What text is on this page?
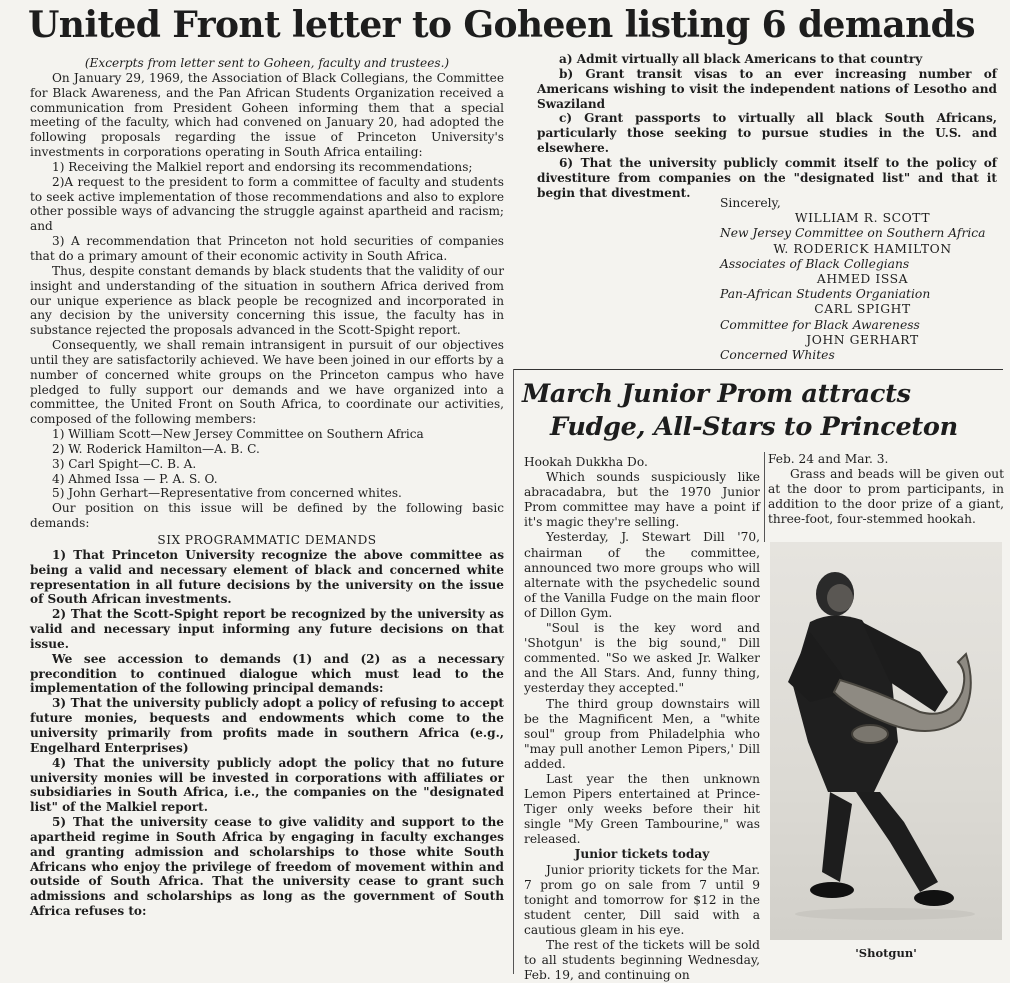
United Front letter to Goheen listing 6 demands

(Excerpts from letter sent to Goheen, faculty and trustees.)

On January 29, 1969, the Association of Black Collegians, the Committee for Black Awareness, and the Pan African Students Organization received a communication from President Goheen informing them that a special meeting of the faculty, which had convened on January 20, had adopted the following proposals regarding the issue of Princeton University's investments in corporations operating in South Africa entailing:

1) Receiving the Malkiel report and endorsing its recommendations;

2)A request to the president to form a committee of faculty and students to seek active implementation of those recommendations and also to explore other possible ways of advancing the struggle against apartheid and racism; and

3) A recommendation that Princeton not hold securities of companies that do a primary amount of their economic activity in South Africa.

Thus, despite constant demands by black students that the validity of our insight and understanding of the situation in southern Africa derived from our unique experience as black people be recognized and incorporated in any decision by the university concerning this issue, the faculty has in substance rejected the proposals advanced in the Scott-Spight report.

Consequently, we shall remain intransigent in pursuit of our objectives until they are satisfactorily achieved. We have been joined in our efforts by a number of concerned white groups on the Princeton campus who have pledged to fully support our demands and we have organized into a committee, the United Front on South Africa, to coordinate our activities, composed of the following members:

1) William Scott—New Jersey Committee on Southern Africa

2) W. Roderick Hamilton—A. B. C.

3) Carl Spight—C. B. A.

4) Ahmed Issa — P. A. S. O.

5) John Gerhart—Representative from concerned whites.

Our position on this issue will be defined by the following basic demands:

SIX PROGRAMMATIC DEMANDS

1) That Princeton University recognize the above committee as being a valid and necessary element of black and concerned white representation in all future decisions by the university on the issue of South African investments.

2) That the Scott-Spight report be recognized by the university as valid and necessary input informing any future decisions on that issue.

We see accession to demands (1) and (2) as a necessary precondition to continued dialogue which must lead to the implementation of the following principal demands:

3) That the university publicly adopt a policy of refusing to accept future monies, bequests and endowments which come to the university primarily from profits made in southern Africa (e.g., Engelhard Enterprises)

4) That the university publicly adopt the policy that no future university monies will be invested in corporations with affiliates or subsidiaries in South Africa, i.e., the companies on the "designated list" of the Malkiel report.

5) That the university cease to give validity and support to the apartheid regime in South Africa by engaging in faculty exchanges and granting admission and scholarships to those white South Africans who enjoy the privilege of freedom of movement within and outside of South Africa. That the university cease to grant such admissions and scholarships as long as the government of South Africa refuses to:

a) Admit virtually all black Americans to that country

b) Grant transit visas to an ever increasing number of Americans wishing to visit the independent nations of Lesotho and Swaziland

c) Grant passports to virtually all black South Africans, particularly those seeking to pursue studies in the U.S. and elsewhere.

6) That the university publicly commit itself to the policy of divestiture from companies on the "designated list" and that it begin that divestment.

Sincerely,
WILLIAM R. SCOTT
New Jersey Committee on Southern Africa
W. RODERICK HAMILTON
Associates of Black Collegians
AHMED ISSA
Pan-African Students Organiation
CARL SPIGHT
Committee for Black Awareness
JOHN GERHART
Concerned Whites
March Junior Prom attracts
Fudge, All-Stars to Princeton

Hookah Dukkha Do.

Which sounds suspiciously like abracadabra, but the 1970 Junior Prom committee may have a point if it's magic they're selling.

Yesterday, J. Stewart Dill '70, chairman of the committee, announced two more groups who will alternate with the psychedelic sound of the Vanilla Fudge on the main floor of Dillon Gym.

"Soul is the key word and 'Shotgun' is the big sound," Dill commented. "So we asked Jr. Walker and the All Stars. And, funny thing, yesterday they accepted."

The third group downstairs will be the Magnificent Men, a "white soul" group from Philadelphia who "may pull another Lemon Pipers,' Dill added.

Last year the then unknown Lemon Pipers entertained at Prince-Tiger only weeks before their hit single "My Green Tambourine," was released.

Junior tickets today

Junior priority tickets for the Mar. 7 prom go on sale from 7 until 9 tonight and tomorrow for $12 in the student center, Dill said with a cautious gleam in his eye.

The rest of the tickets will be sold to all students beginning Wednesday, Feb. 19, and continuing on

Feb. 24 and Mar. 3.

Grass and beads will be given out at the door to prom participants, in addition to the door prize of a giant, three-foot, four-stemmed hookah.

'Shotgun'
